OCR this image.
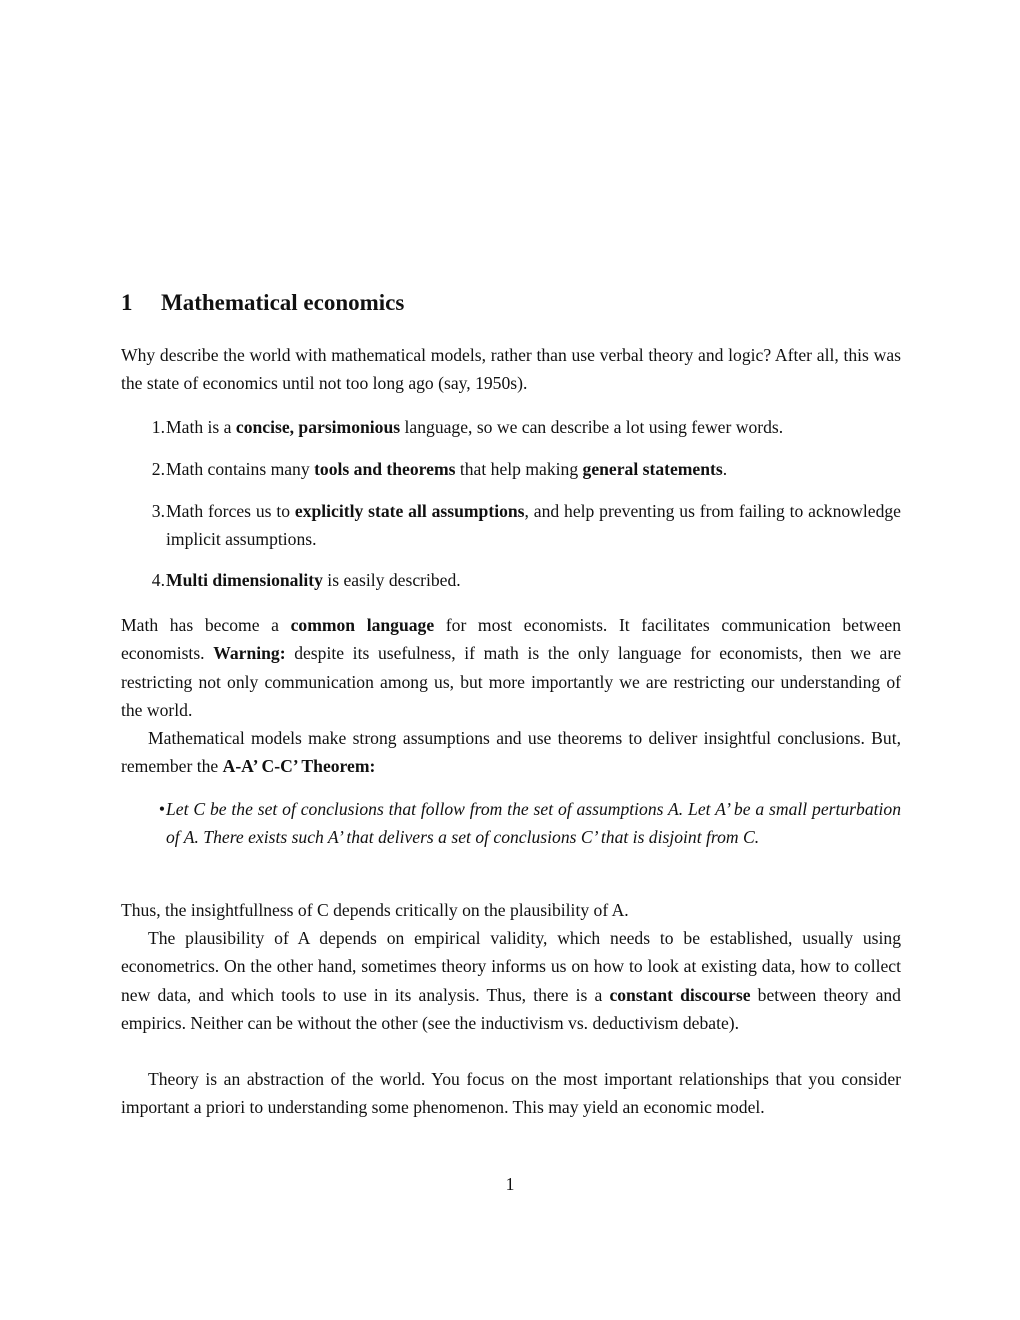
1 Mathematical economics
Why describe the world with mathematical models, rather than use verbal theory and logic? After all, this was the state of economics until not too long ago (say, 1950s).
1. Math is a concise, parsimonious language, so we can describe a lot using fewer words.
2. Math contains many tools and theorems that help making general statements.
3. Math forces us to explicitly state all assumptions, and help preventing us from failing to acknowledge implicit assumptions.
4. Multi dimensionality is easily described.
Math has become a common language for most economists. It facilitates communication between economists. Warning: despite its usefulness, if math is the only language for economists, then we are restricting not only communication among us, but more importantly we are restricting our understanding of the world.
Mathematical models make strong assumptions and use theorems to deliver insightful conclusions. But, remember the A-A’ C-C’ Theorem:
• Let C be the set of conclusions that follow from the set of assumptions A. Let A’ be a small perturbation of A. There exists such A’ that delivers a set of conclusions C’ that is disjoint from C.
Thus, the insightfullness of C depends critically on the plausibility of A.
The plausibility of A depends on empirical validity, which needs to be established, usually using econometrics. On the other hand, sometimes theory informs us on how to look at existing data, how to collect new data, and which tools to use in its analysis. Thus, there is a constant discourse between theory and empirics. Neither can be without the other (see the inductivism vs. deductivism debate).
Theory is an abstraction of the world. You focus on the most important relationships that you consider important a priori to understanding some phenomenon. This may yield an economic model.
1
